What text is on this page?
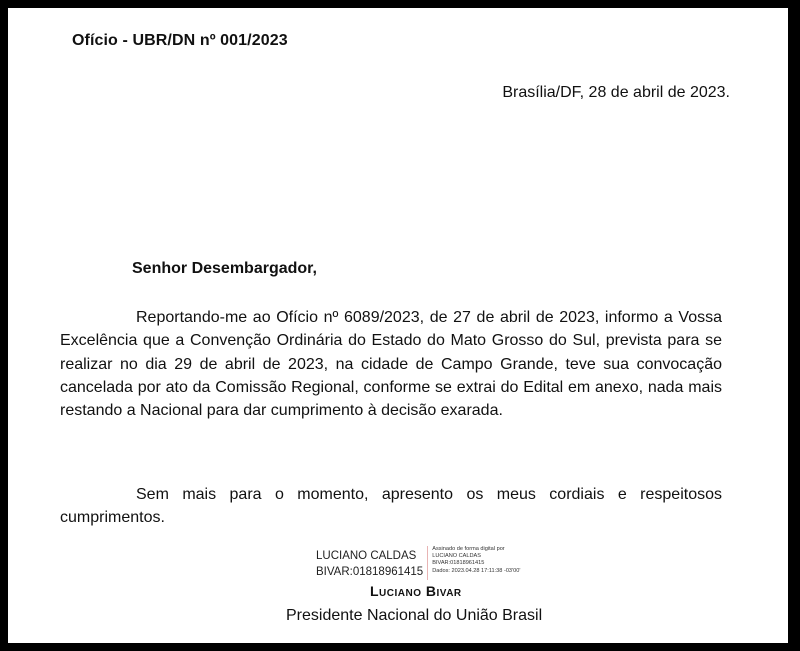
Ofício - UBR/DN nº 001/2023
Brasília/DF, 28 de abril de 2023.
Senhor Desembargador,
Reportando-me ao Ofício nº 6089/2023, de 27 de abril de 2023, informo a Vossa Excelência que a Convenção Ordinária do Estado do Mato Grosso do Sul, prevista para se realizar no dia 29 de abril de 2023, na cidade de Campo Grande, teve sua convocação cancelada por ato da Comissão Regional, conforme se extrai do Edital em anexo, nada mais restando a Nacional para dar cumprimento à decisão exarada.
Sem mais para o momento, apresento os meus cordiais e respeitosos cumprimentos.
LUCIANO CALDAS
BIVAR:01818961415
Assinado de forma digital por
LUCIANO CALDAS
BIVAR:01818961415
Dados: 2023.04.28 17:11:38 -03'00'
Luciano Bivar
Presidente Nacional do União Brasil
